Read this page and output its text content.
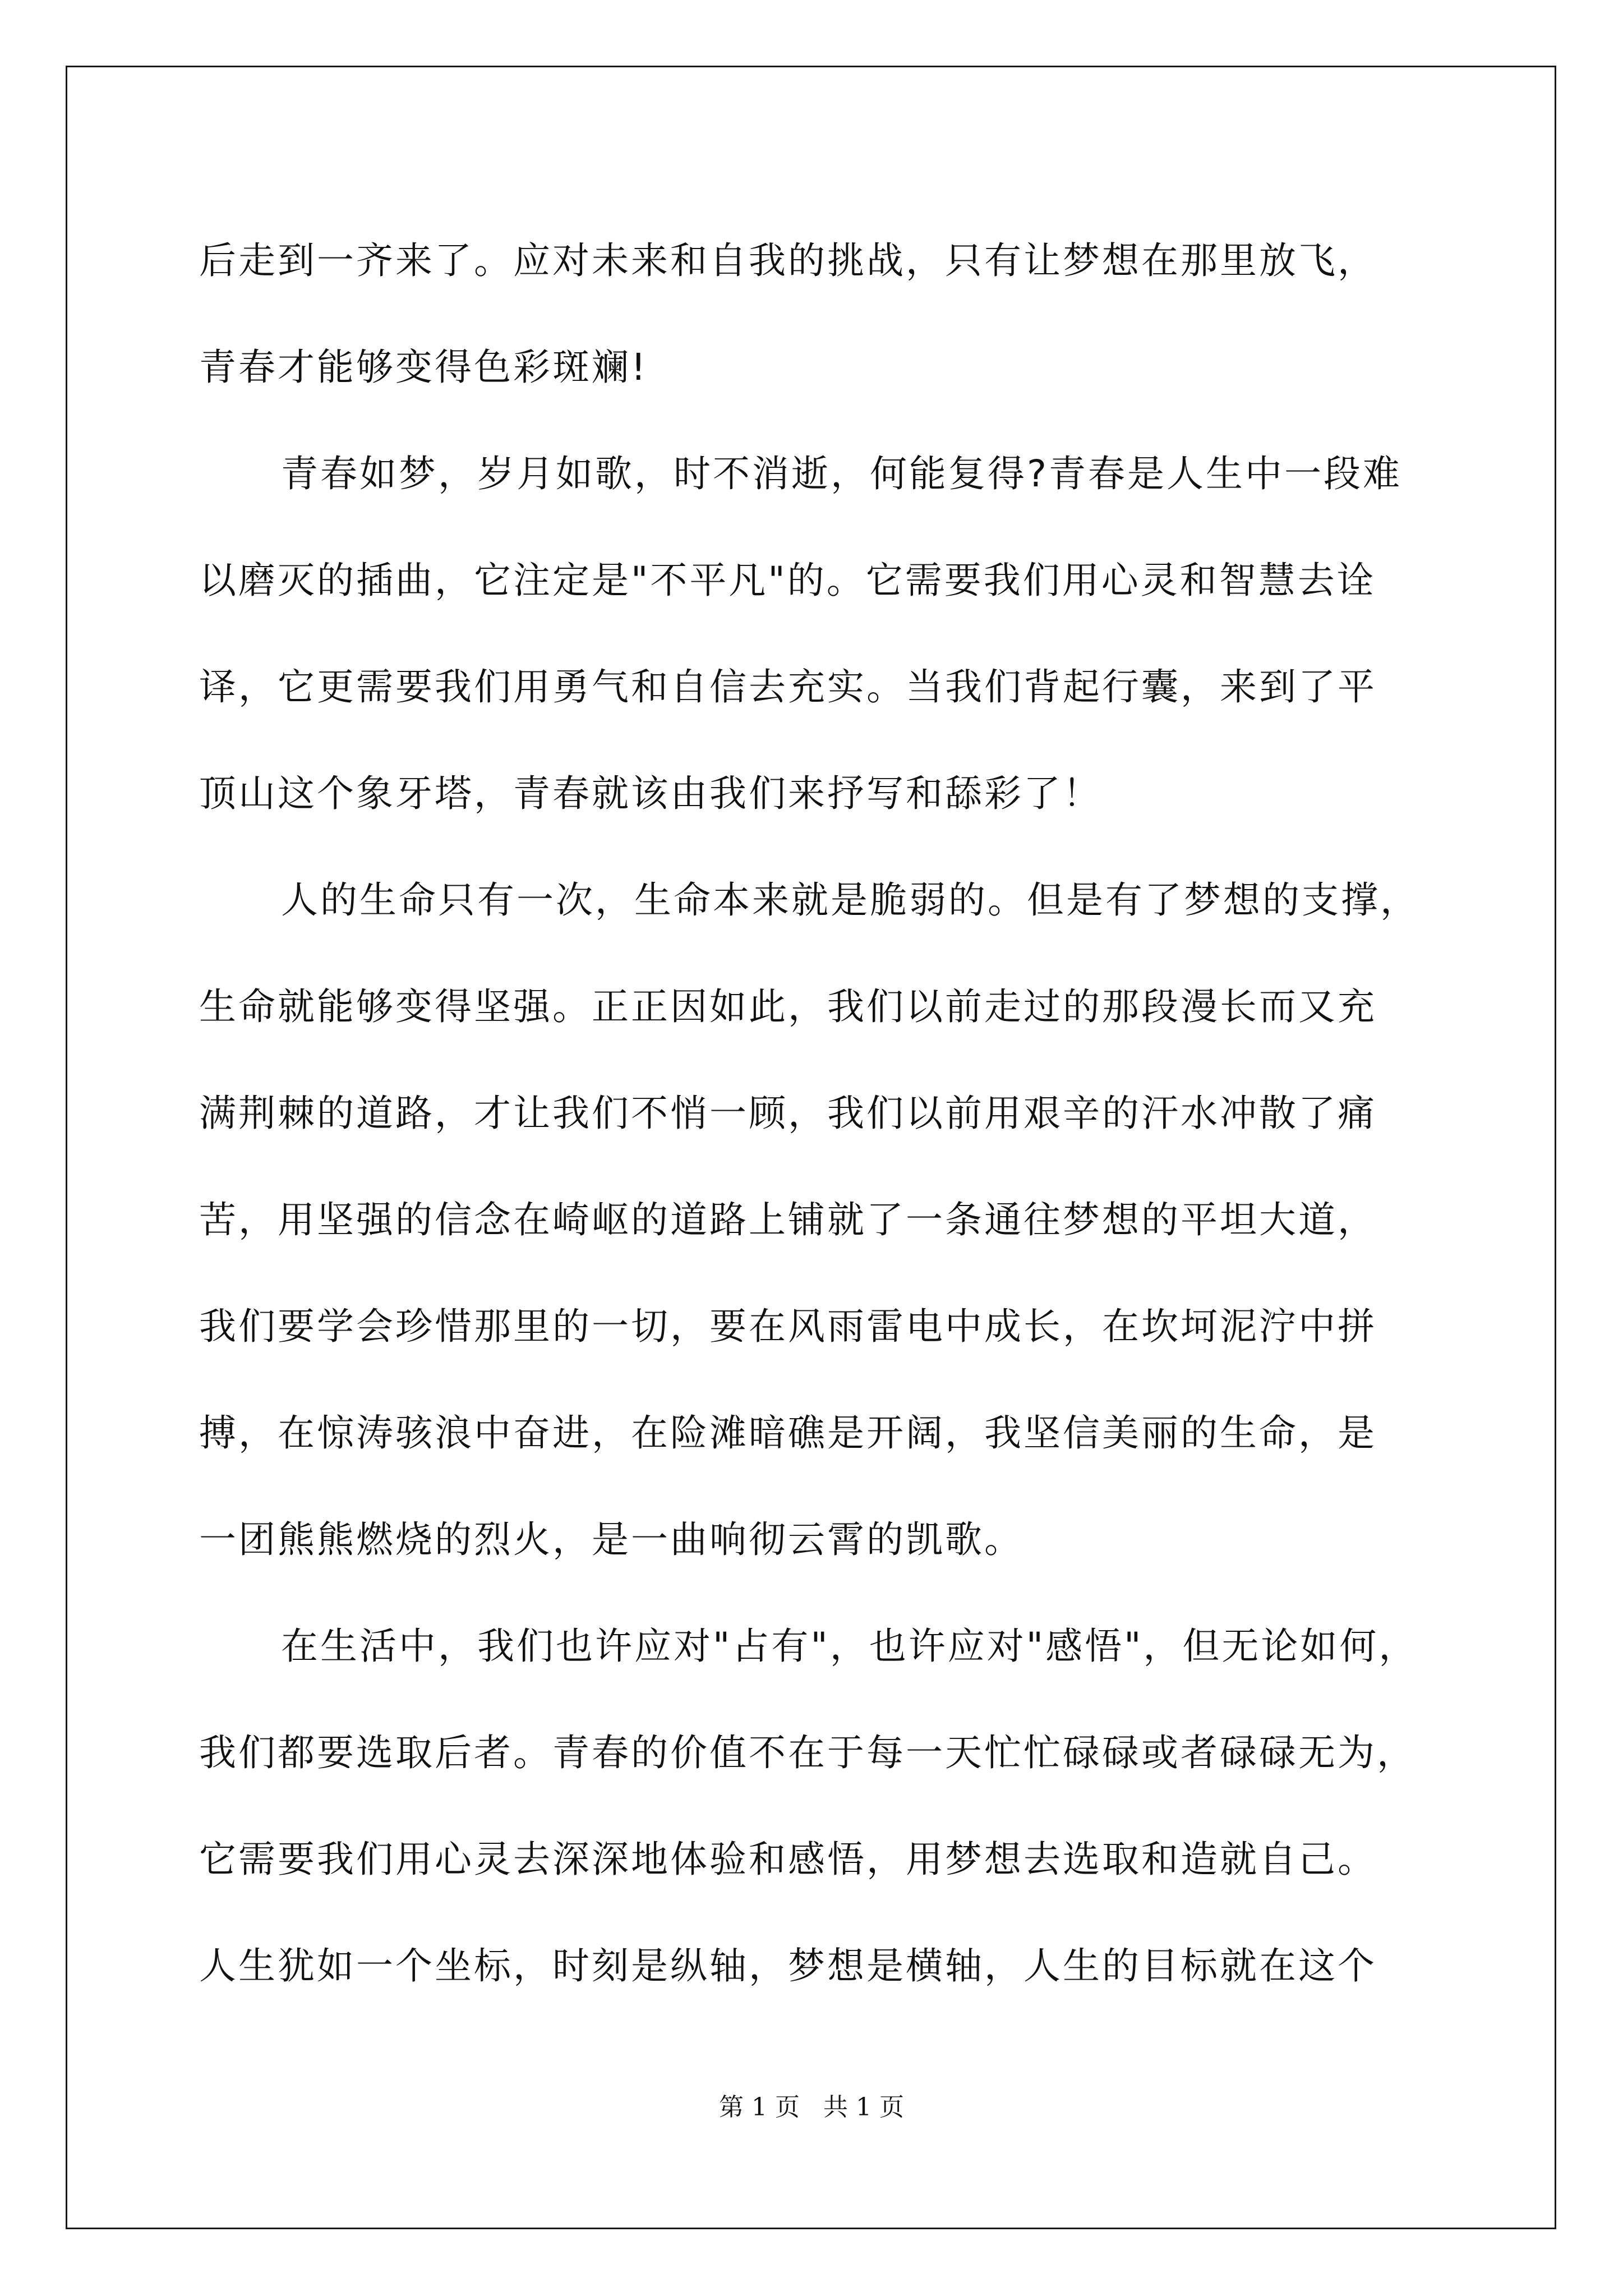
后走到一齐来了。应对未来和自我的挑战，只有让梦想在那里放飞，
青春才能够变得色彩斑斓!
青春如梦，岁月如歌，时不消逝，何能复得?青春是人生中一段难
以磨灭的插曲，它注定是"不平凡"的。它需要我们用心灵和智慧去诠
译，它更需要我们用勇气和自信去充实。当我们背起行囊，来到了平
顶山这个象牙塔，青春就该由我们来抒写和舔彩了！
人的生命只有一次，生命本来就是脆弱的。但是有了梦想的支撑，
生命就能够变得坚强。正正因如此，我们以前走过的那段漫长而又充
满荆棘的道路，才让我们不悄一顾，我们以前用艰辛的汗水冲散了痛
苦，用坚强的信念在崎岖的道路上铺就了一条通往梦想的平坦大道，
我们要学会珍惜那里的一切，要在风雨雷电中成长，在坎坷泥泞中拼
搏，在惊涛骇浪中奋进，在险滩暗礁是开阔，我坚信美丽的生命，是
一团熊熊燃烧的烈火，是一曲响彻云霄的凯歌。
在生活中，我们也许应对"占有"，也许应对"感悟"，但无论如何，
我们都要选取后者。青春的价值不在于每一天忙忙碌碌或者碌碌无为，
它需要我们用心灵去深深地体验和感悟，用梦想去选取和造就自己。
人生犹如一个坐标，时刻是纵轴，梦想是横轴，人生的目标就在这个
第 1 页 共 1 页
